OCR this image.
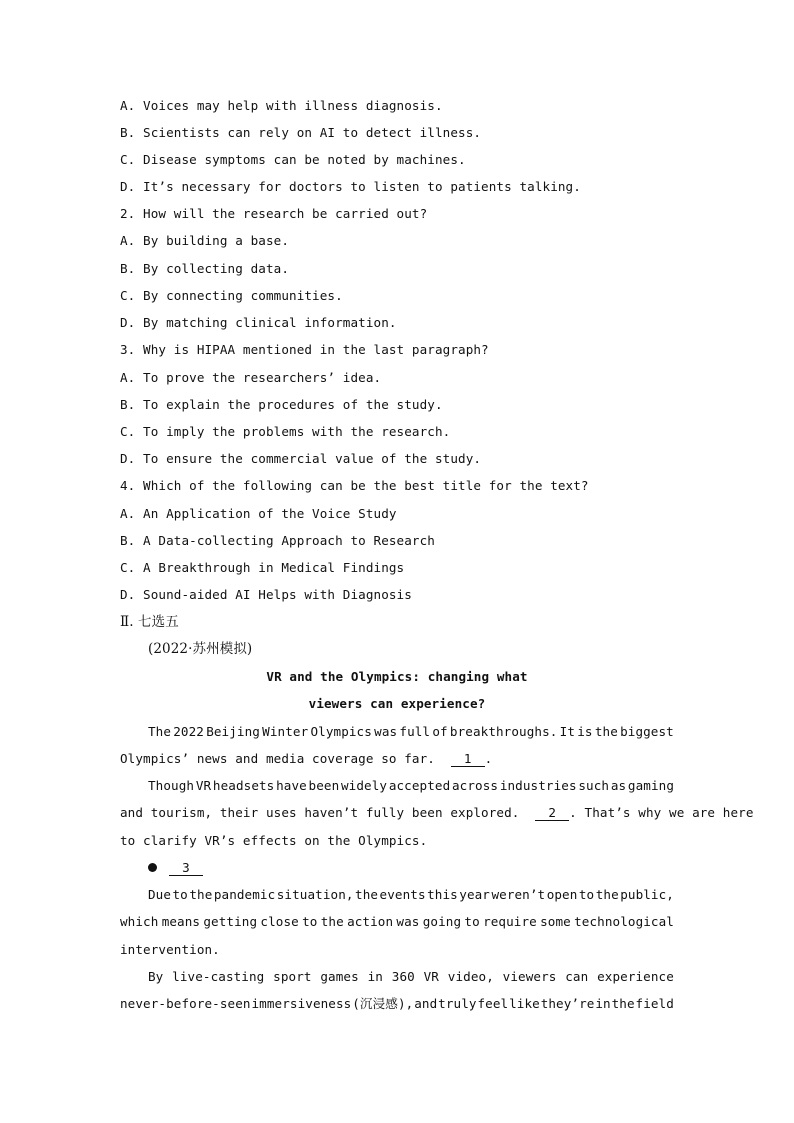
A. Voices may help with illness diagnosis.
B. Scientists can rely on AI to detect illness.
C. Disease symptoms can be noted by machines.
D. It’s necessary for doctors to listen to patients talking.
2. How will the research be carried out?
A. By building a base.
B. By collecting data.
C. By connecting communities.
D. By matching clinical information.
3. Why is HIPAA mentioned in the last paragraph?
A. To prove the researchers’ idea.
B. To explain the procedures of the study.
C. To imply the problems with the research.
D. To ensure the commercial value of the study.
4. Which of the following can be the best title for the text?
A. An Application of the Voice Study
B. A Data-collecting Approach to Research
C. A Breakthrough in Medical Findings
D. Sound-aided AI Helps with Diagnosis
Ⅱ. 七选五
(2022·苏州模拟)
VR and the Olympics: changing what
viewers can experience?
The 2022 Beijing Winter Olympics was full of breakthroughs. It is the biggest
Olympics’ news and media coverage so far. 1 .
Though VR headsets have been widely accepted across industries such as gaming
and tourism, their uses haven’t fully been explored. 2 . That’s why we are here
to clarify VR’s effects on the Olympics.
3
Due to the pandemic situation, the events this year weren’t open to the public,
which means getting close to the action was going to require some technological
intervention.
By live-casting sport games in 360 VR video, viewers can experience
never-before-seen immersiveness (沉浸感), and truly feel like they’re in the field
